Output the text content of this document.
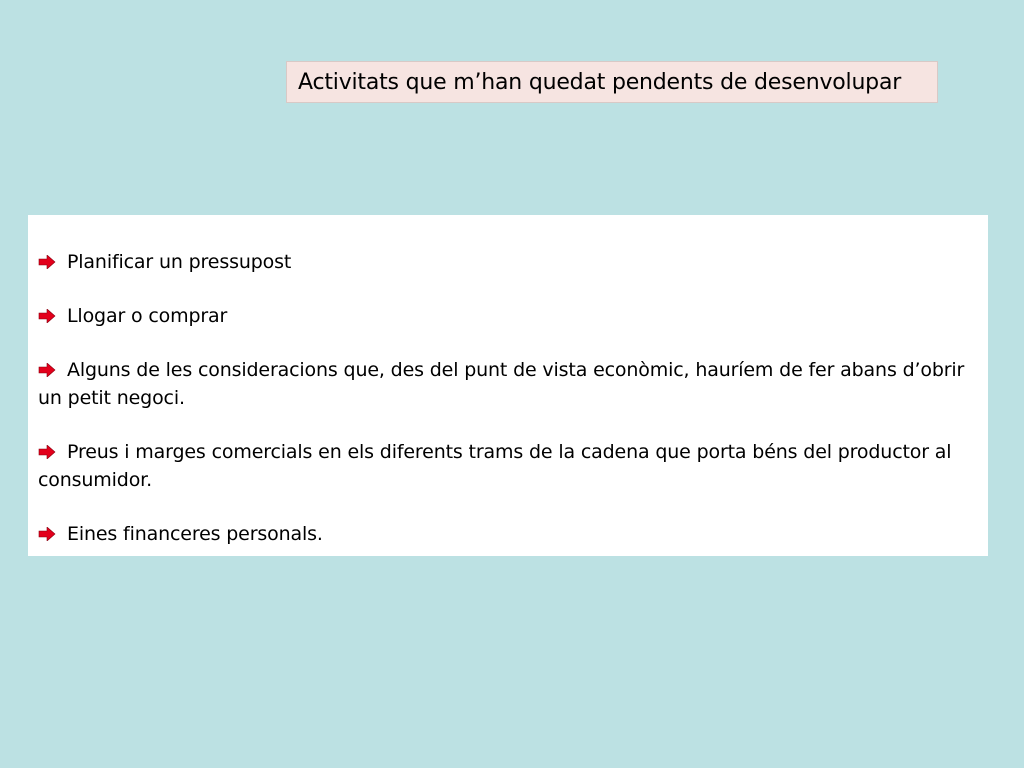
Activitats que m’han quedat pendents de desenvolupar
Planificar un pressupost
Llogar o comprar
Alguns de les consideracions que, des del punt de vista econòmic, hauríem de fer abans d’obrir un petit negoci.
Preus i marges comercials en els diferents trams de la cadena que porta béns del productor al consumidor.
Eines financeres personals.
